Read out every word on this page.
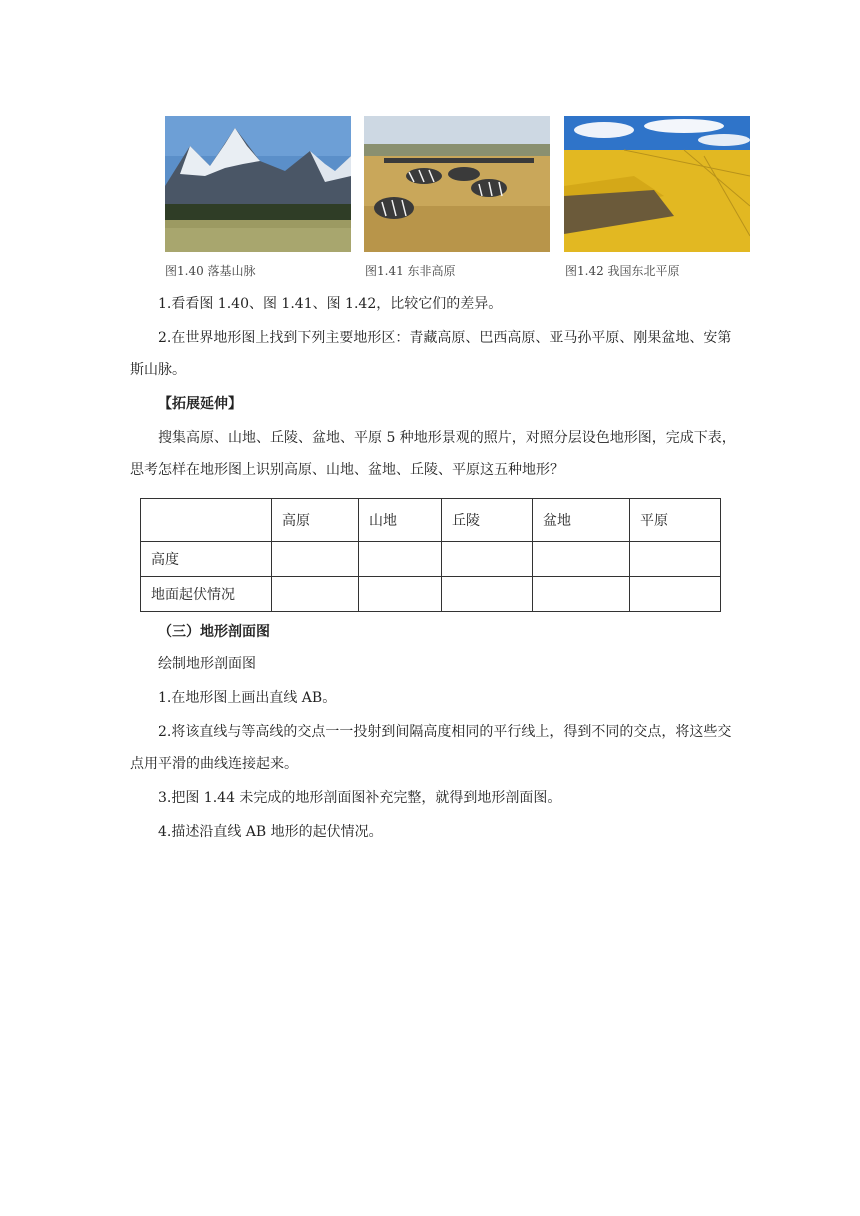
图1.40 落基山脉	图1.41 东非高原	图1.42 我国东北平原
1.看看图 1.40、图 1.41、图 1.42，比较它们的差异。
2.在世界地形图上找到下列主要地形区：青藏高原、巴西高原、亚马孙平原、刚果盆地、安第斯山脉。
【拓展延伸】
搜集高原、山地、丘陵、盆地、平原 5 种地形景观的照片，对照分层设色地形图，完成下表，思考怎样在地形图上识别高原、山地、盆地、丘陵、平原这五种地形？
	高原	山地	丘陵	盆地	平原
高度					
地面起伏情况					
（三）地形剖面图
绘制地形剖面图
1.在地形图上画出直线 AB。
2.将该直线与等高线的交点一一投射到间隔高度相同的平行线上，得到不同的交点，将这些交点用平滑的曲线连接起来。
3.把图 1.44 未完成的地形剖面图补充完整，就得到地形剖面图。
4.描述沿直线 AB 地形的起伏情况。
